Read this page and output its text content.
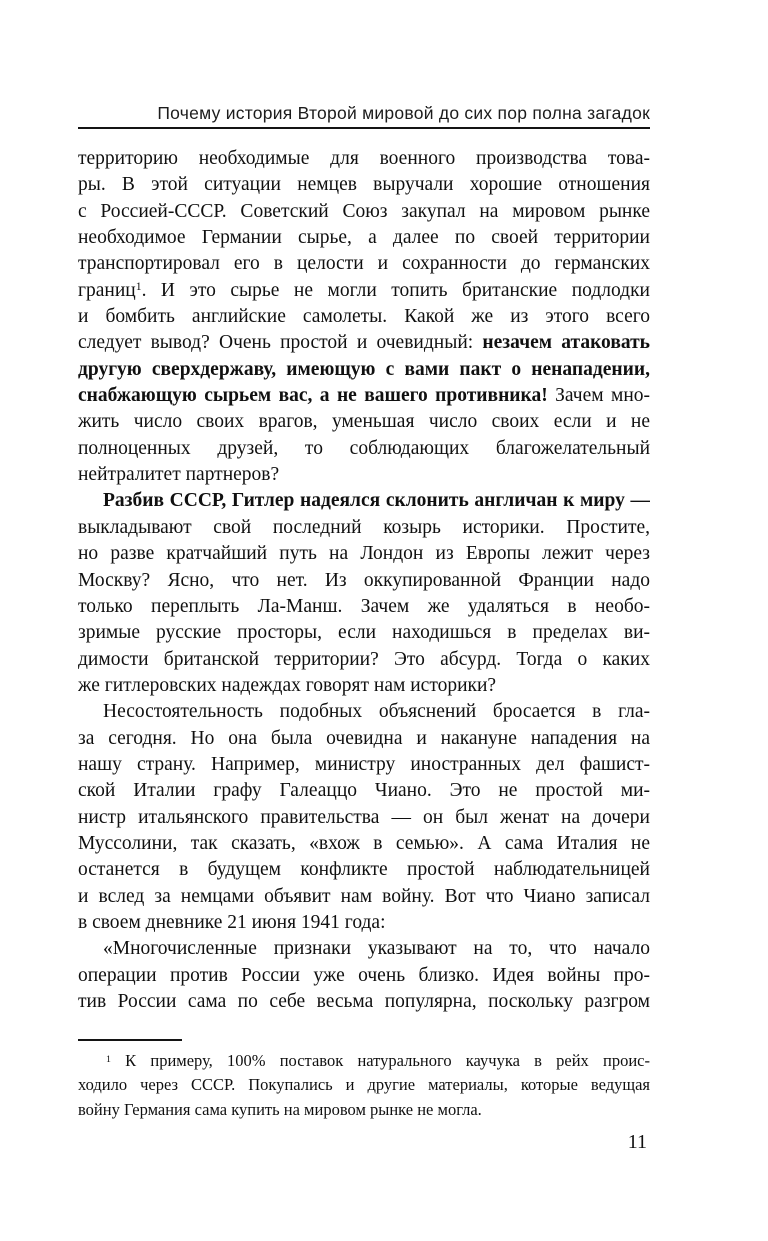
Почему история Второй мировой до сих пор полна загадок
территорию необходимые для военного производства това-
ры. В этой ситуации немцев выручали хорошие отношения
с Россией-СССР. Советский Союз закупал на мировом рынке
необходимое Германии сырье, а далее по своей территории
транспортировал его в целости и сохранности до германских
границ$^1$. И это сырье не могли топить британские подлодки
и бомбить английские самолеты. Какой же из этого всего
следует вывод? Очень простой и очевидный: незачем атаковать
другую сверхдержаву, имеющую с вами пакт о ненападении,
снабжающую сырьем вас, а не вашего противника! Зачем мно-
жить число своих врагов, уменьшая число своих если и не
полноценных друзей, то соблюдающих благожелательный
нейтралитет партнеров?
Разбив СССР, Гитлер надеялся склонить англичан к миру —
выкладывают свой последний козырь историки. Простите,
но разве кратчайший путь на Лондон из Европы лежит через
Москву? Ясно, что нет. Из оккупированной Франции надо
только переплыть Ла-Манш. Зачем же удаляться в необо-
зримые русские просторы, если находишься в пределах ви-
димости британской территории? Это абсурд. Тогда о каких
же гитлеровских надеждах говорят нам историки?
Несостоятельность подобных объяснений бросается в гла-
за сегодня. Но она была очевидна и накануне нападения на
нашу страну. Например, министру иностранных дел фашист-
ской Италии графу Галеаццо Чиано. Это не простой ми-
нистр итальянского правительства — он был женат на дочери
Муссолини, так сказать, «вхож в семью». А сама Италия не
останется в будущем конфликте простой наблюдательницей
и вслед за немцами объявит нам войну. Вот что Чиано записал
в своем дневнике 21 июня 1941 года:
«Многочисленные признаки указывают на то, что начало
операции против России уже очень близко. Идея войны про-
тив России сама по себе весьма популярна, поскольку разгром
$^1$ К примеру, 100% поставок натурального каучука в рейх проис-
ходило через СССР. Покупались и другие материалы, которые ведущая
войну Германия сама купить на мировом рынке не могла.
11
